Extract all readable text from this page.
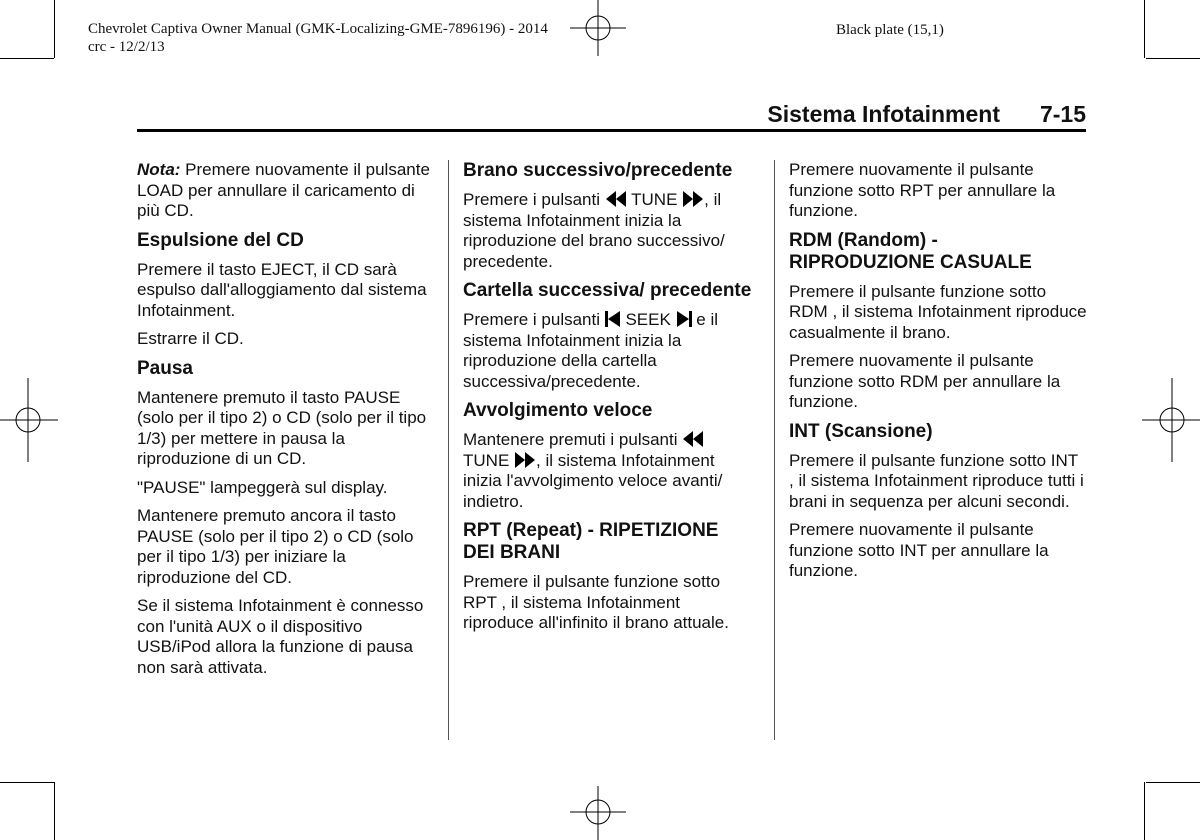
Chevrolet Captiva Owner Manual (GMK-Localizing-GME-7896196) - 2014
crc - 12/2/13
Black plate (15,1)
Sistema Infotainment 7-15

Nota: Premere nuovamente il pulsante LOAD per annullare il caricamento di più CD.

Espulsione del CD

Premere il tasto EJECT, il CD sarà espulso dall'alloggiamento dal sistema Infotainment.

Estrarre il CD.

Pausa

Mantenere premuto il tasto PAUSE (solo per il tipo 2) o CD (solo per il tipo 1/3) per mettere in pausa la riproduzione di un CD.

"PAUSE" lampeggerà sul display.

Mantenere premuto ancora il tasto PAUSE (solo per il tipo 2) o CD (solo per il tipo 1/3) per iniziare la riproduzione del CD.

Se il sistema Infotainment è connesso con l'unità AUX o il dispositivo USB/iPod allora la funzione di pausa non sarà attivata.

Brano successivo/precedente

Premere i pulsanti  TUNE , il sistema Infotainment inizia la riproduzione del brano successivo/ precedente.

Cartella successiva/ precedente

Premere i pulsanti  SEEK  e il sistema Infotainment inizia la riproduzione della cartella successiva/precedente.

Avvolgimento veloce

Mantenere premuti i pulsanti
TUNE , il sistema Infotainment inizia l'avvolgimento veloce avanti/ indietro.

RPT (Repeat) - RIPETIZIONE DEI BRANI

Premere il pulsante funzione sotto RPT , il sistema Infotainment riproduce all'infinito il brano attuale.

Premere nuovamente il pulsante funzione sotto RPT per annullare la funzione.

RDM (Random) - RIPRODUZIONE CASUALE

Premere il pulsante funzione sotto RDM , il sistema Infotainment riproduce casualmente il brano.

Premere nuovamente il pulsante funzione sotto RDM per annullare la funzione.

INT (Scansione)

Premere il pulsante funzione sotto INT , il sistema Infotainment riproduce tutti i brani in sequenza per alcuni secondi.

Premere nuovamente il pulsante funzione sotto INT per annullare la funzione.
